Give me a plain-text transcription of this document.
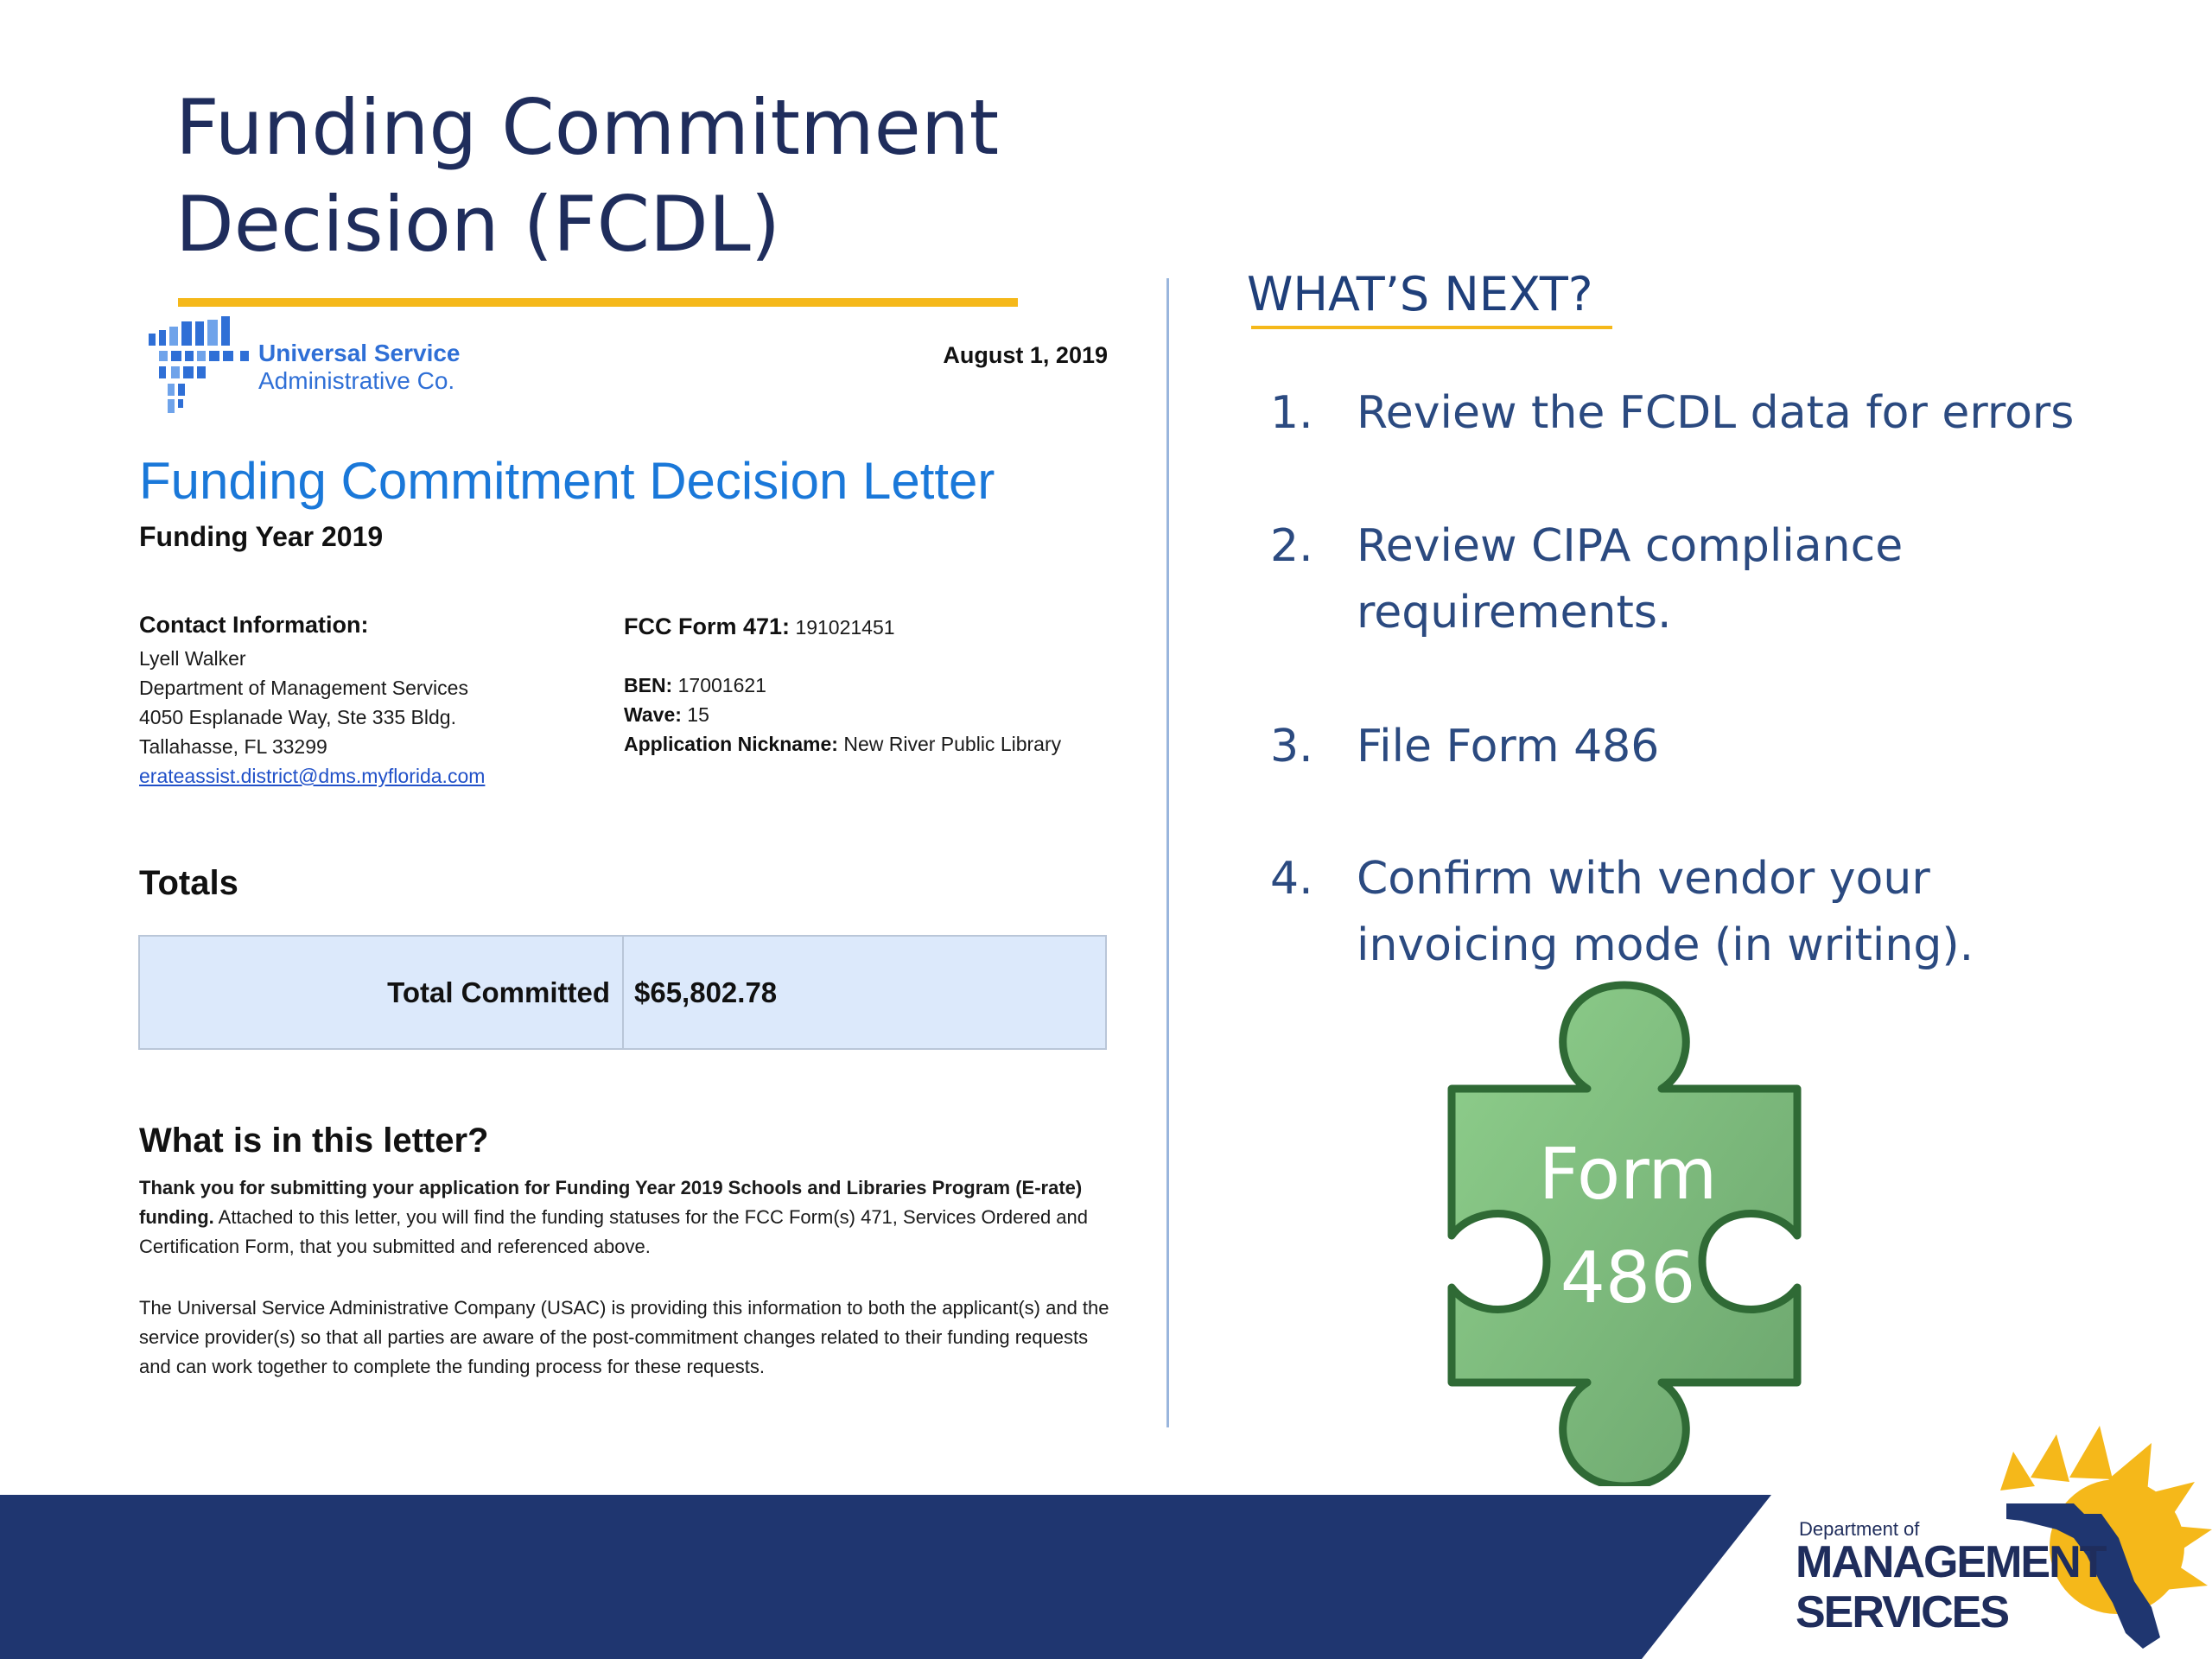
Funding Commitment
Decision (FCDL)
Universal Service
Administrative Co.
August 1, 2019
Funding Commitment Decision Letter
Funding Year 2019
Contact Information:
Lyell Walker
Department of Management Services
4050 Esplanade Way, Ste 335 Bldg.
Tallahasse, FL 33299
erateassist.district@dms.myflorida.com
FCC Form 471: 191021451
BEN: 17001621
Wave: 15
Application Nickname: New River Public Library
Totals
Total Committed $65,802.78
What is in this letter?
Thank you for submitting your application for Funding Year 2019 Schools and Libraries Program (E-rate) funding. Attached to this letter, you will find the funding statuses for the FCC Form(s) 471, Services Ordered and Certification Form, that you submitted and referenced above.
The Universal Service Administrative Company (USAC) is providing this information to both the applicant(s) and the service provider(s) so that all parties are aware of the post-commitment changes related to their funding requests and can work together to complete the funding process for these requests.
WHAT’S NEXT?
1. Review the FCDL data for errors
2. Review CIPA compliance requirements.
3. File Form 486
4. Confirm with vendor your invoicing mode (in writing).
Form
486
Department of
MANAGEMENT
SERVICES
